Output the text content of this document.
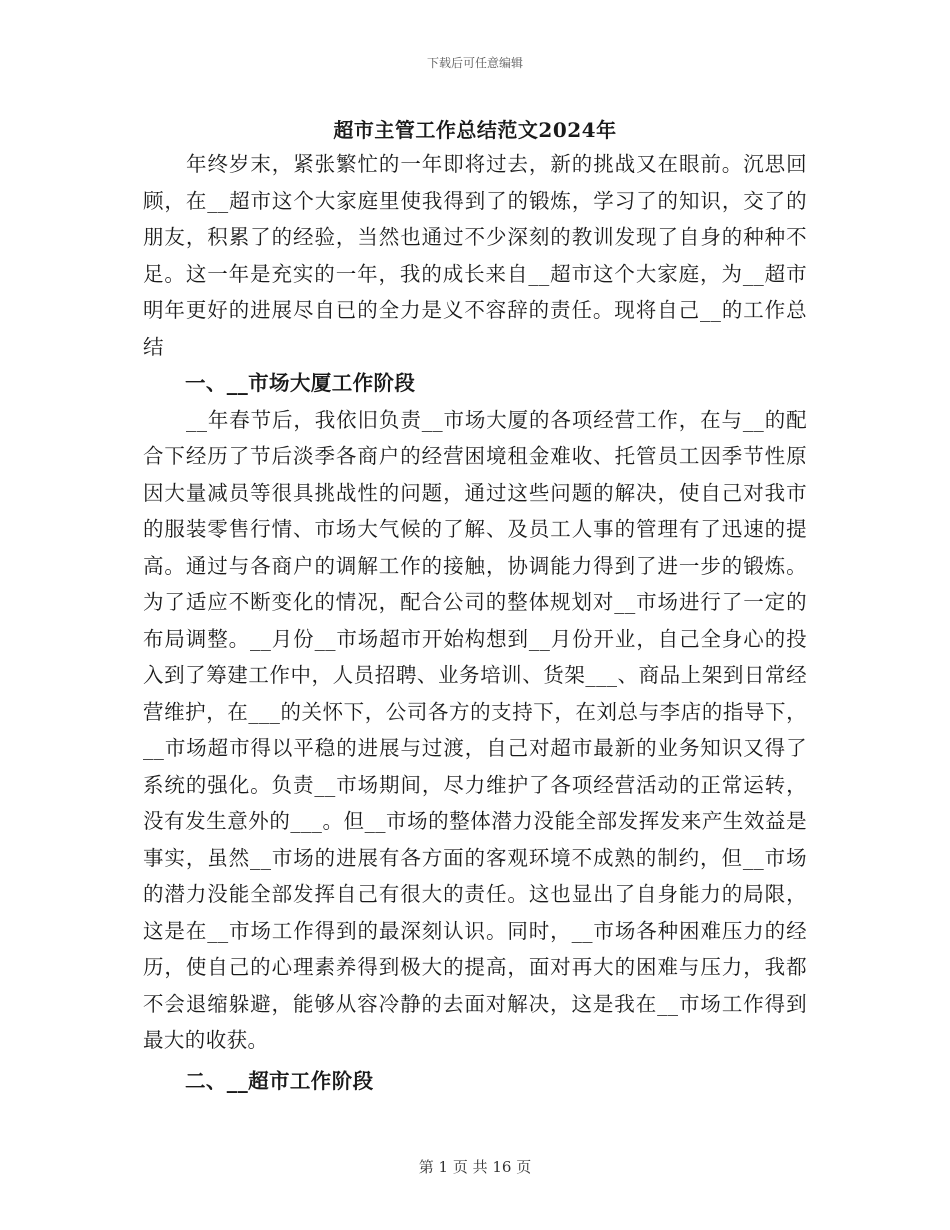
下载后可任意编辑
超市主管工作总结范文2024年

年终岁末，紧张繁忙的一年即将过去，新的挑战又在眼前。沉思回顾，在__超市这个大家庭里使我得到了的锻炼，学习了的知识，交了的朋友，积累了的经验，当然也通过不少深刻的教训发现了自身的种种不足。这一年是充实的一年，我的成长来自__超市这个大家庭，为__超市明年更好的进展尽自已的全力是义不容辞的责任。现将自己__的工作总结

一、__市场大厦工作阶段

__年春节后，我依旧负责__市场大厦的各项经营工作，在与__的配合下经历了节后淡季各商户的经营困境租金难收、托管员工因季节性原因大量减员等很具挑战性的问题，通过这些问题的解决，使自己对我市的服装零售行情、市场大气候的了解、及员工人事的管理有了迅速的提高。通过与各商户的调解工作的接触，协调能力得到了进一步的锻炼。为了适应不断变化的情况，配合公司的整体规划对__市场进行了一定的布局调整。__月份__市场超市开始构想到__月份开业，自己全身心的投入到了筹建工作中，人员招聘、业务培训、货架___、商品上架到日常经营维护，在___的关怀下，公司各方的支持下，在刘总与李店的指导下，__市场超市得以平稳的进展与过渡，自己对超市最新的业务知识又得了系统的强化。负责__市场期间，尽力维护了各项经营活动的正常运转，没有发生意外的___。但__市场的整体潜力没能全部发挥发来产生效益是事实，虽然__市场的进展有各方面的客观环境不成熟的制约，但__市场的潜力没能全部发挥自己有很大的责任。这也显出了自身能力的局限，这是在__市场工作得到的最深刻认识。同时，__市场各种困难压力的经历，使自己的心理素养得到极大的提高，面对再大的困难与压力，我都不会退缩躲避，能够从容冷静的去面对解决，这是我在__市场工作得到最大的收获。

二、__超市工作阶段
第 1 页 共 16 页
